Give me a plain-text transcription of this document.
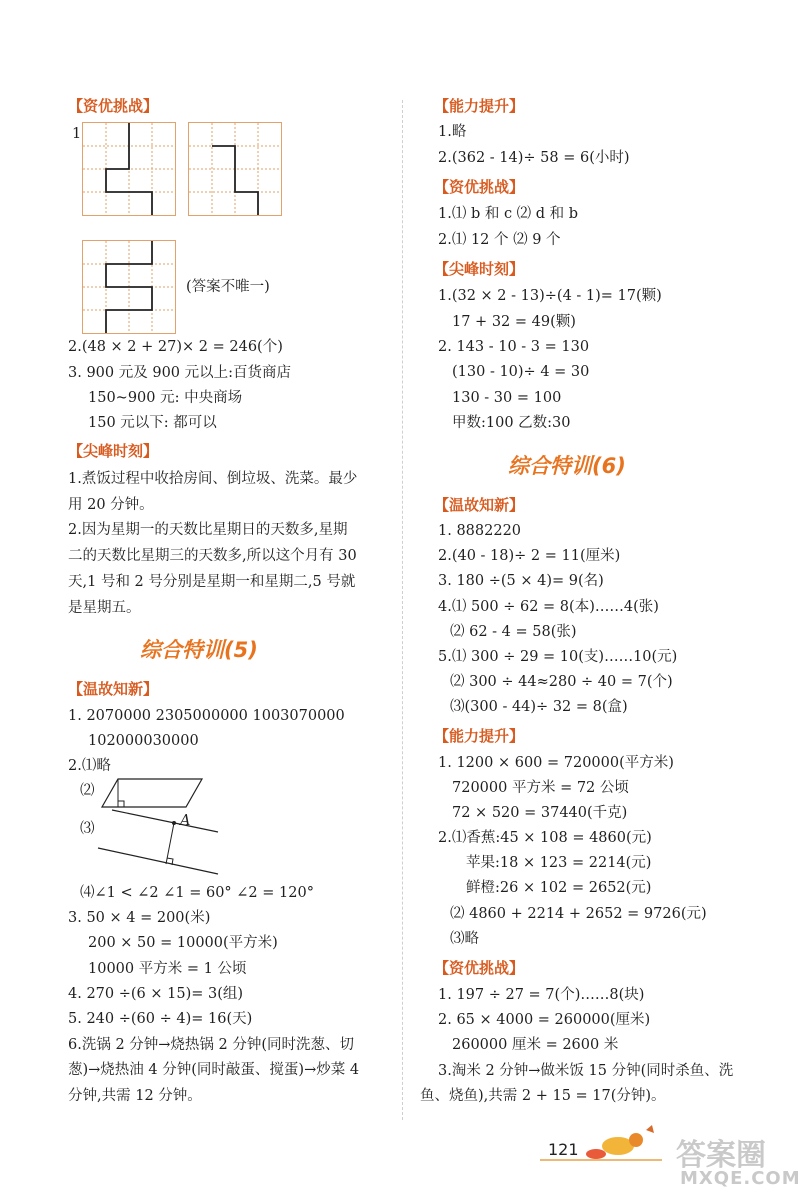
【资优挑战】
1.
(答案不唯一)
2.(48 × 2 + 27)× 2 = 246(个)
3. 900 元及 900 元以上:百货商店
150~900 元: 中央商场
150 元以下: 都可以
【尖峰时刻】
1.煮饭过程中收拾房间、倒垃圾、洗菜。最少
用 20 分钟。
2.因为星期一的天数比星期日的天数多,星期
二的天数比星期三的天数多,所以这个月有 30
天,1 号和 2 号分别是星期一和星期二,5 号就
是星期五。
综合特训(5)
【温故知新】
1. 2070000 2305000000 1003070000
102000030000
2.⑴略
⑵
⑶	A
⑷∠1 < ∠2 ∠1 = 60° ∠2 = 120°
3. 50 × 4 = 200(米)
200 × 50 = 10000(平方米)
10000 平方米 = 1 公顷
4. 270 ÷(6 × 15)= 3(组)
5. 240 ÷(60 ÷ 4)= 16(天)
6.洗锅 2 分钟→烧热锅 2 分钟(同时洗葱、切
葱)→烧热油 4 分钟(同时敲蛋、搅蛋)→炒菜 4
分钟,共需 12 分钟。
【能力提升】
1.略
2.(362 - 14)÷ 58 = 6(小时)
【资优挑战】
1.⑴ b 和 c ⑵ d 和 b
2.⑴ 12 个 ⑵ 9 个
【尖峰时刻】
1.(32 × 2 - 13)÷(4 - 1)= 17(颗)
17 + 32 = 49(颗)
2. 143 - 10 - 3 = 130
(130 - 10)÷ 4 = 30
130 - 30 = 100
甲数:100 乙数:30
综合特训(6)
【温故知新】
1. 8882220
2.(40 - 18)÷ 2 = 11(厘米)
3. 180 ÷(5 × 4)= 9(名)
4.⑴ 500 ÷ 62 = 8(本)……4(张)
⑵ 62 - 4 = 58(张)
5.⑴ 300 ÷ 29 = 10(支)……10(元)
⑵ 300 ÷ 44≈280 ÷ 40 = 7(个)
⑶(300 - 44)÷ 32 = 8(盒)
【能力提升】
1. 1200 × 600 = 720000(平方米)
720000 平方米 = 72 公顷
72 × 520 = 37440(千克)
2.⑴香蕉:45 × 108 = 4860(元)
苹果:18 × 123 = 2214(元)
鲜橙:26 × 102 = 2652(元)
⑵ 4860 + 2214 + 2652 = 9726(元)
⑶略
【资优挑战】
1. 197 ÷ 27 = 7(个)……8(块)
2. 65 × 4000 = 260000(厘米)
260000 厘米 = 2600 米
3.淘米 2 分钟→做米饭 15 分钟(同时杀鱼、洗
鱼、烧鱼),共需 2 + 15 = 17(分钟)。
121	答案圈
MXQE.COM
